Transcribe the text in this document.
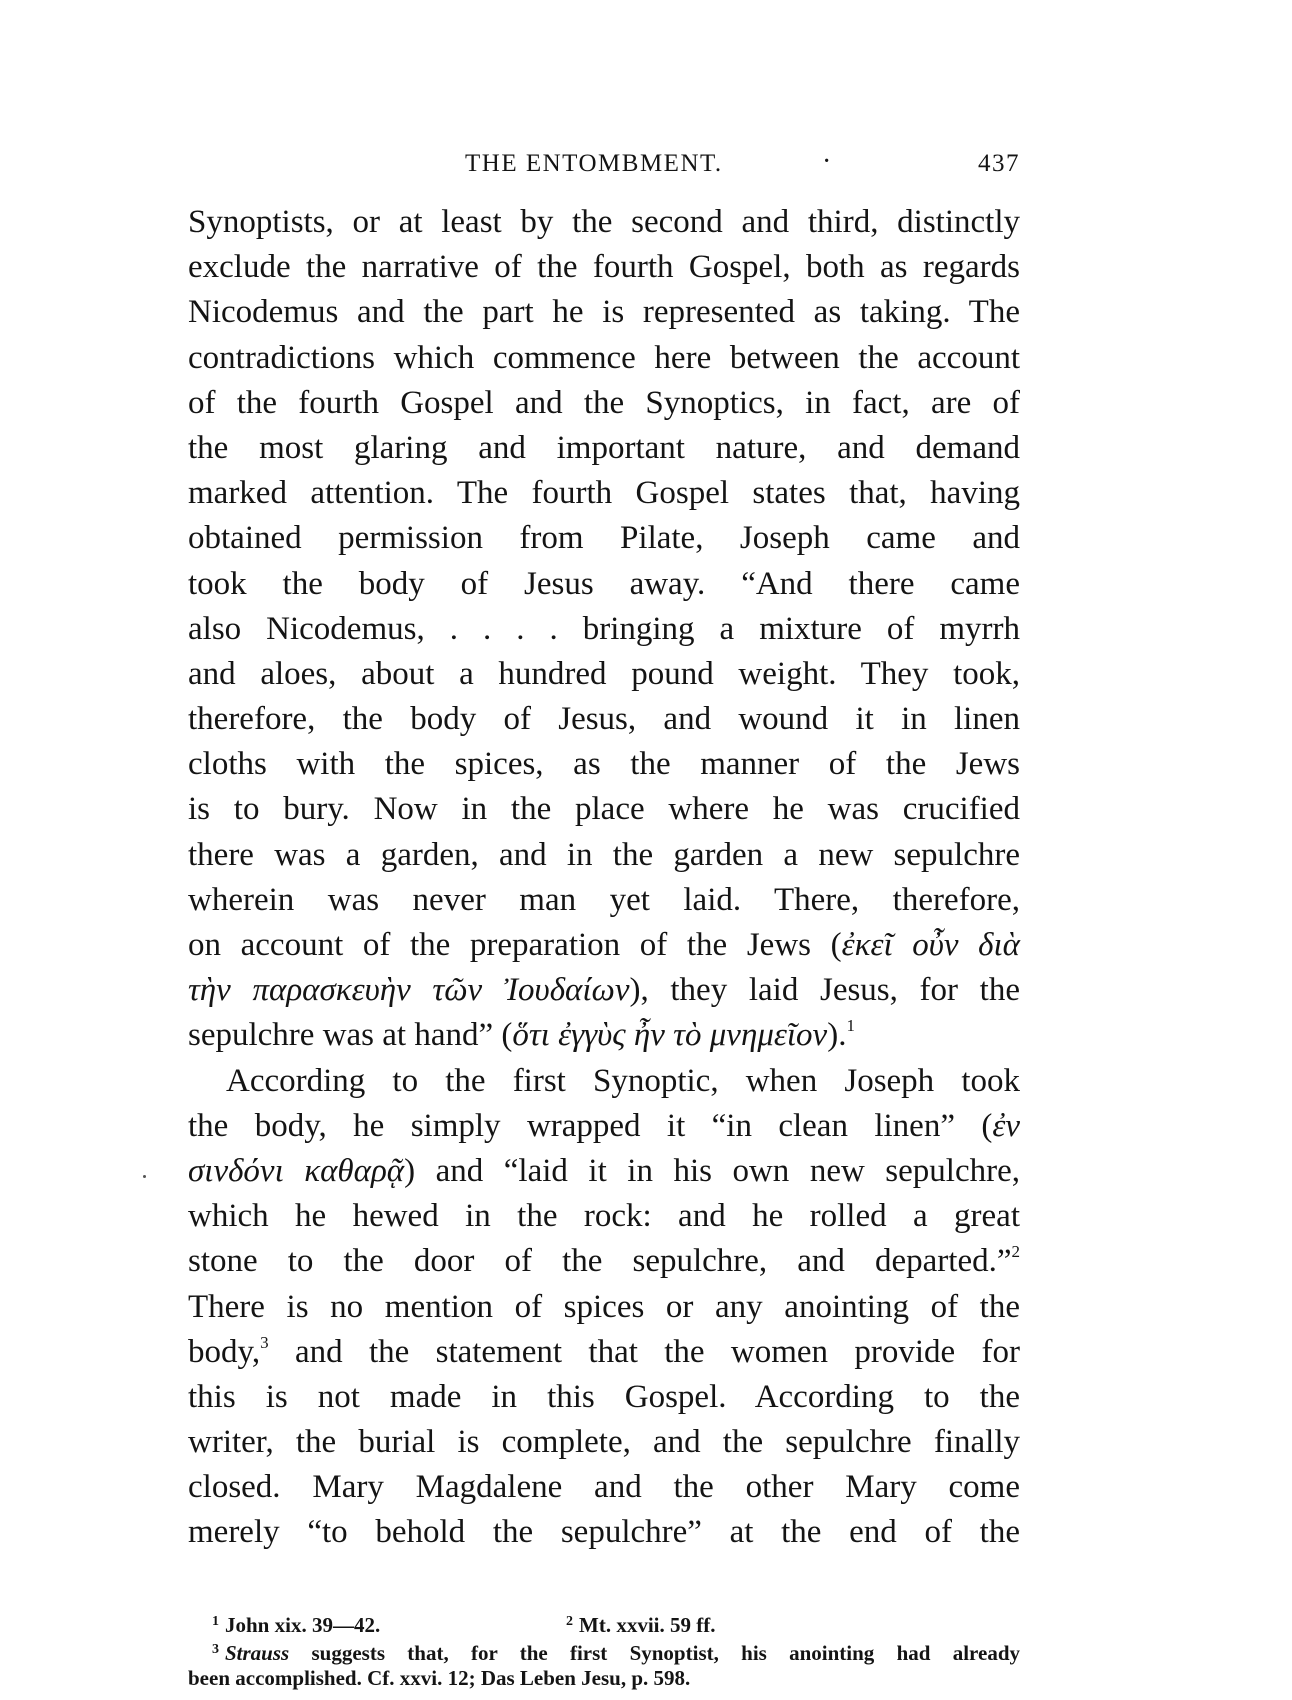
THE ENTOMBMENT.	·	437
Synoptists, or at least by the second and third, distinctly
exclude the narrative of the fourth Gospel, both as regards
Nicodemus and the part he is represented as taking. The
contradictions which commence here between the account
of the fourth Gospel and the Synoptics, in fact, are of
the most glaring and important nature, and demand
marked attention. The fourth Gospel states that, having
obtained permission from Pilate, Joseph came and
took the body of Jesus away. “And there came
also Nicodemus, . . . . bringing a mixture of myrrh
and aloes, about a hundred pound weight. They took,
therefore, the body of Jesus, and wound it in linen
cloths with the spices, as the manner of the Jews
is to bury. Now in the place where he was crucified
there was a garden, and in the garden a new sepulchre
wherein was never man yet laid. There, therefore,
on account of the preparation of the Jews (ἐκεῖ οὖν διὰ
τὴν παρασκευὴν τῶν Ἰουδαίων), they laid Jesus, for the
sepulchre was at hand” (ὅτι ἐγγὺς ἦν τὸ μνημεῖον).$^1$
According to the first Synoptic, when Joseph took
the body, he simply wrapped it “in clean linen” (ἐν
σινδόνι καθαρᾷ) and “laid it in his own new sepulchre,
which he hewed in the rock: and he rolled a great
stone to the door of the sepulchre, and departed.”$^2$
There is no mention of spices or any anointing of the
body,$^3$ and the statement that the women provide for
this is not made in this Gospel. According to the
writer, the burial is complete, and the sepulchre finally
closed. Mary Magdalene and the other Mary come
merely “to behold the sepulchre” at the end of the
$^1$ John xix. 39—42.	$^2$ Mt. xxvii. 59 ff.
$^3$ Strauss suggests that, for the first Synoptist, his anointing had already
been accomplished. Cf. xxvi. 12; Das Leben Jesu, p. 598.
